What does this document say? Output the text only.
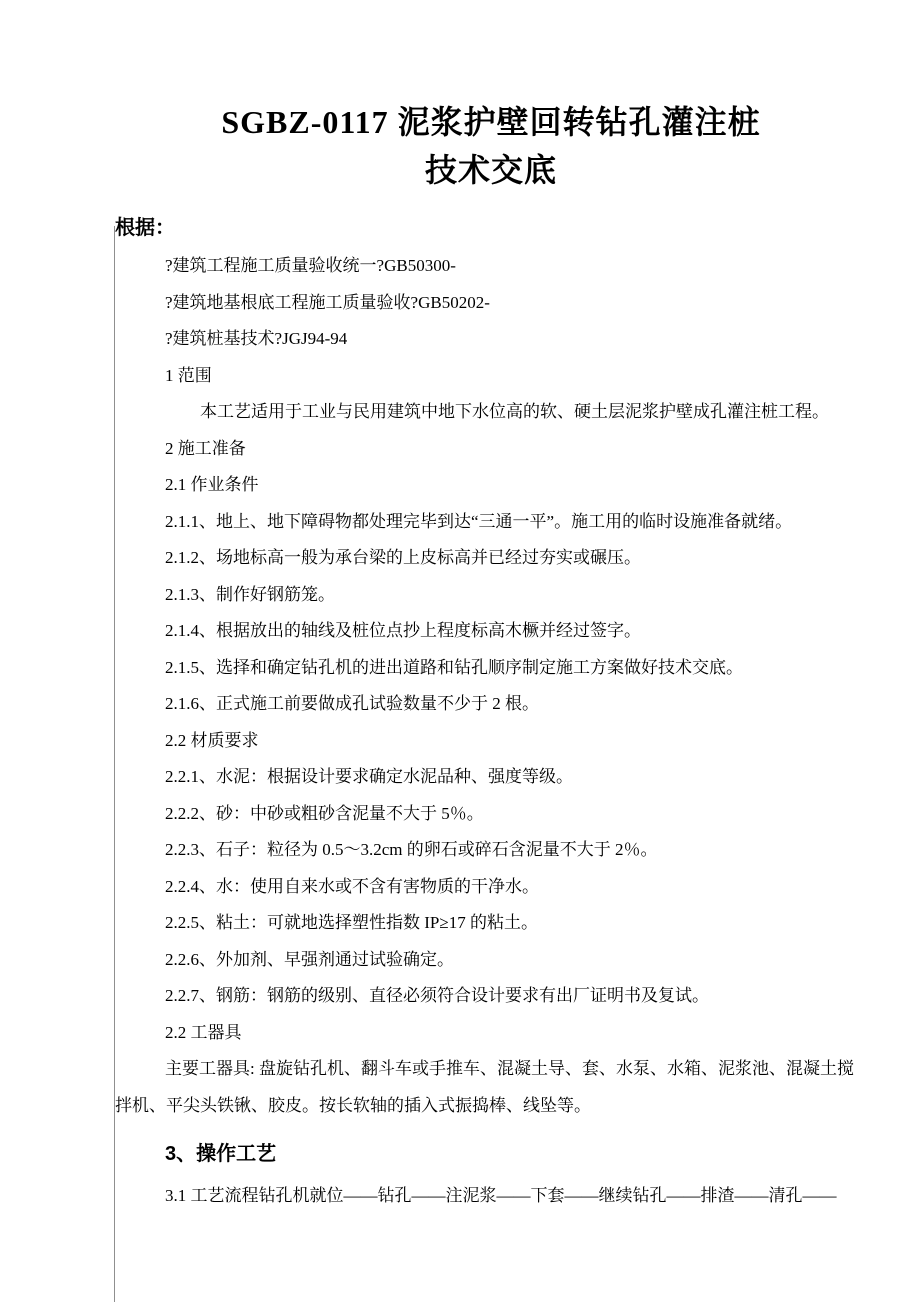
SGBZ-0117 泥浆护壁回转钻孔灌注桩
技术交底

根据：

?建筑工程施工质量验收统一?GB50300-

?建筑地基根底工程施工质量验收?GB50202-

?建筑桩基技术?JGJ94-94

1 范围

本工艺适用于工业与民用建筑中地下水位高的软、硬土层泥浆护壁成孔灌注桩工程。

2 施工准备

2.1 作业条件

2.1.1、地上、地下障碍物都处理完毕到达“三通一平”。施工用的临时设施准备就绪。

2.1.2、场地标高一般为承台梁的上皮标高并已经过夯实或碾压。

2.1.3、制作好钢筋笼。

2.1.4、根据放出的轴线及桩位点抄上程度标高木橛并经过签字。

2.1.5、选择和确定钻孔机的进出道路和钻孔顺序制定施工方案做好技术交底。

2.1.6、正式施工前要做成孔试验数量不少于 2 根。

2.2 材质要求

2.2.1、水泥：根据设计要求确定水泥品种、强度等级。

2.2.2、砂：中砂或粗砂含泥量不大于 5％。

2.2.3、石子：粒径为 0.5～3.2cm 的卵石或碎石含泥量不大于 2％。

2.2.4、水：使用自来水或不含有害物质的干净水。

2.2.5、粘土：可就地选择塑性指数 IP≥17 的粘土。

2.2.6、外加剂、早强剂通过试验确定。

2.2.7、钢筋：钢筋的级别、直径必须符合设计要求有出厂证明书及复试。

2.2 工器具

主要工器具: 盘旋钻孔机、翻斗车或手推车、混凝土导、套、水泵、水箱、泥浆池、混凝土搅拌机、平尖头铁锹、胶皮。按长软轴的插入式振捣棒、线坠等。

3、操作工艺

3.1 工艺流程钻孔机就位——钻孔——注泥浆——下套——继续钻孔——排渣——清孔——
